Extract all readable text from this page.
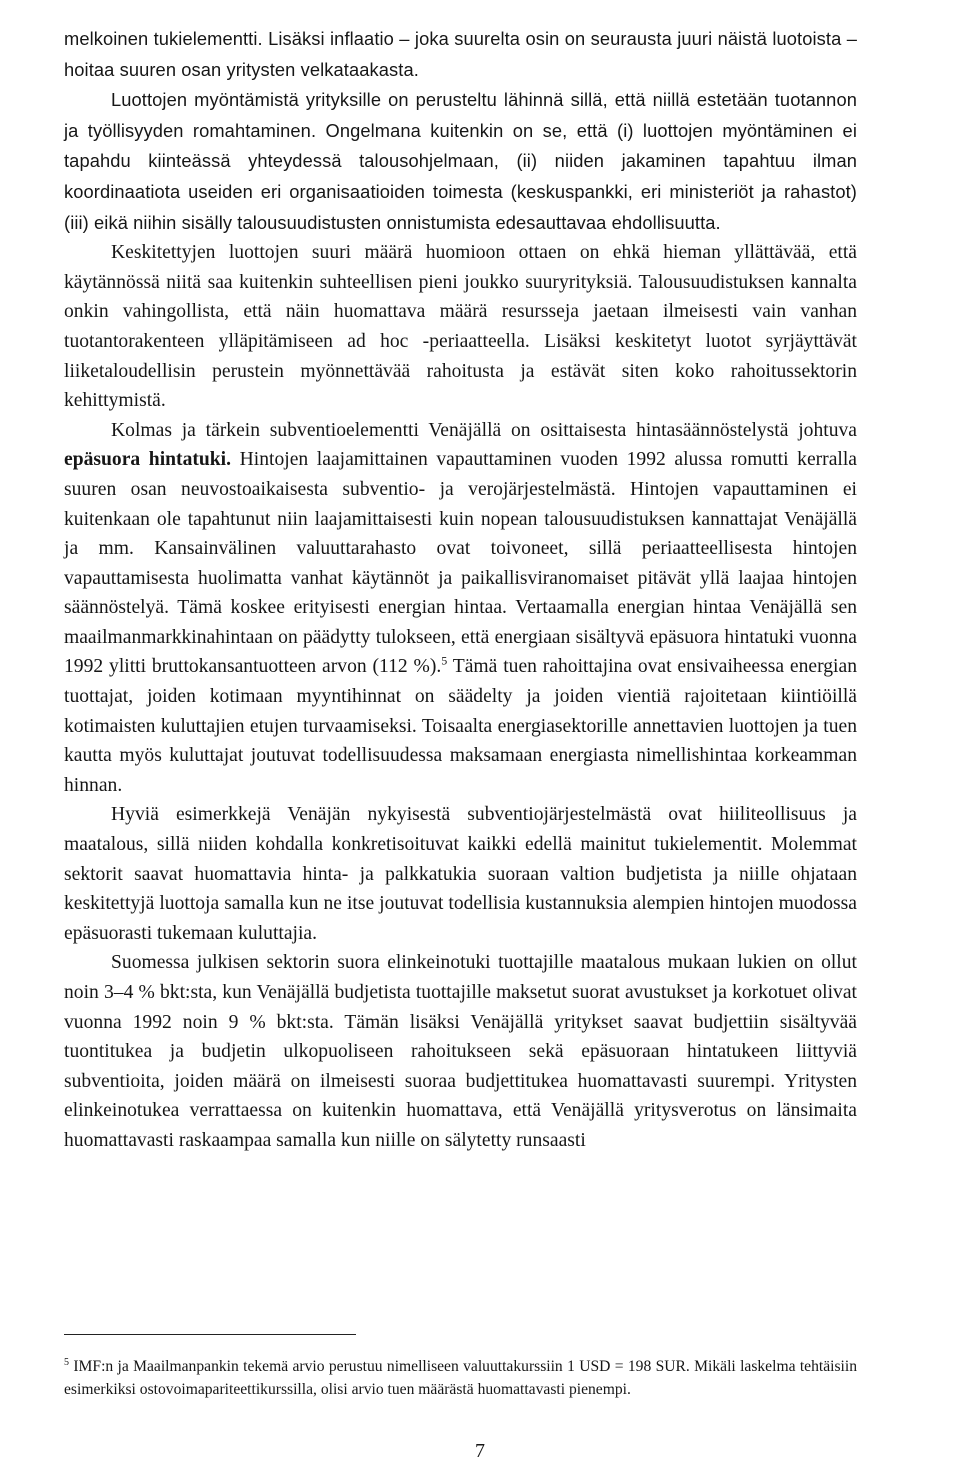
melkoinen tukielementti. Lisäksi inflaatio – joka suurelta osin on seurausta juuri näistä luotoista – hoitaa suuren osan yritysten velkataakasta.

Luottojen myöntämistä yrityksille on perusteltu lähinnä sillä, että niillä estetään tuotannon ja työllisyyden romahtaminen. Ongelmana kuitenkin on se, että (i) luottojen myöntäminen ei tapahdu kiinteässä yhteydessä talousohjelmaan, (ii) niiden jakaminen tapahtuu ilman koordinaatiota useiden eri organisaatioiden toimesta (keskuspankki, eri ministeriöt ja rahastot) (iii) eikä niihin sisälly talousuudistusten onnistumista edesauttavaa ehdollisuutta.

Keskitettyjen luottojen suuri määrä huomioon ottaen on ehkä hieman yllättävää, että käytännössä niitä saa kuitenkin suhteellisen pieni joukko suuryrityksiä. Talousuudistuksen kannalta onkin vahingollista, että näin huomattava määrä resursseja jaetaan ilmeisesti vain vanhan tuotantorakenteen ylläpitämiseen ad hoc -periaatteella. Lisäksi keskitetyt luotot syrjäyttävät liiketaloudellisin perustein myönnettävää rahoitusta ja estävät siten koko rahoitussektorin kehittymistä.

Kolmas ja tärkein subventioelementti Venäjällä on osittaisesta hintasäännöstelystä johtuva epäsuora hintatuki. Hintojen laajamittainen vapauttaminen vuoden 1992 alussa romutti kerralla suuren osan neuvostoaikaisesta subventio- ja verojärjestelmästä. Hintojen vapauttaminen ei kuitenkaan ole tapahtunut niin laajamittaisesti kuin nopean talousuudistuksen kannattajat Venäjällä ja mm. Kansainvälinen valuuttarahasto ovat toivoneet, sillä periaatteellisesta hintojen vapauttamisesta huolimatta vanhat käytännöt ja paikallisviranomaiset pitävät yllä laajaa hintojen säännöstelyä. Tämä koskee erityisesti energian hintaa. Vertaamalla energian hintaa Venäjällä sen maailmanmarkkinahintaan on päädytty tulokseen, että energiaan sisältyvä epäsuora hintatuki vuonna 1992 ylitti bruttokansantuotteen arvon (112 %).$^5$ Tämä tuen rahoittajina ovat ensivaiheessa energian tuottajat, joiden kotimaan myyntihinnat on säädelty ja joiden vientiä rajoitetaan kiintiöillä kotimaisten kuluttajien etujen turvaamiseksi. Toisaalta energiasektorille annettavien luottojen ja tuen kautta myös kuluttajat joutuvat todellisuudessa maksamaan energiasta nimellishintaa korkeamman hinnan.

Hyviä esimerkkejä Venäjän nykyisestä subventiojärjestelmästä ovat hiiliteollisuus ja maatalous, sillä niiden kohdalla konkretisoituvat kaikki edellä mainitut tukielementit. Molemmat sektorit saavat huomattavia hinta- ja palkkatukia suoraan valtion budjetista ja niille ohjataan keskitettyjä luottoja samalla kun ne itse joutuvat todellisia kustannuksia alempien hintojen muodossa epäsuorasti tukemaan kuluttajia.

Suomessa julkisen sektorin suora elinkeinotuki tuottajille maatalous mukaan lukien on ollut noin 3–4 % bkt:sta, kun Venäjällä budjetista tuottajille maksetut suorat avustukset ja korkotuet olivat vuonna 1992 noin 9 % bkt:sta. Tämän lisäksi Venäjällä yritykset saavat budjettiin sisältyvää tuontitukea ja budjetin ulkopuoliseen rahoitukseen sekä epäsuoraan hintatukeen liittyviä subventioita, joiden määrä on ilmeisesti suoraa budjettitukea huomattavasti suurempi. Yritysten elinkeinotukea verrattaessa on kuitenkin huomattava, että Venäjällä yritysverotus on länsimaita huomattavasti raskaampaa samalla kun niille on sälytetty runsaasti

$^5$ IMF:n ja Maailmanpankin tekemä arvio perustuu nimelliseen valuuttakurssiin 1 USD = 198 SUR. Mikäli laskelma tehtäisiin esimerkiksi ostovoimapariteettikurssilla, olisi arvio tuen määrästä huomattavasti pienempi.
7
